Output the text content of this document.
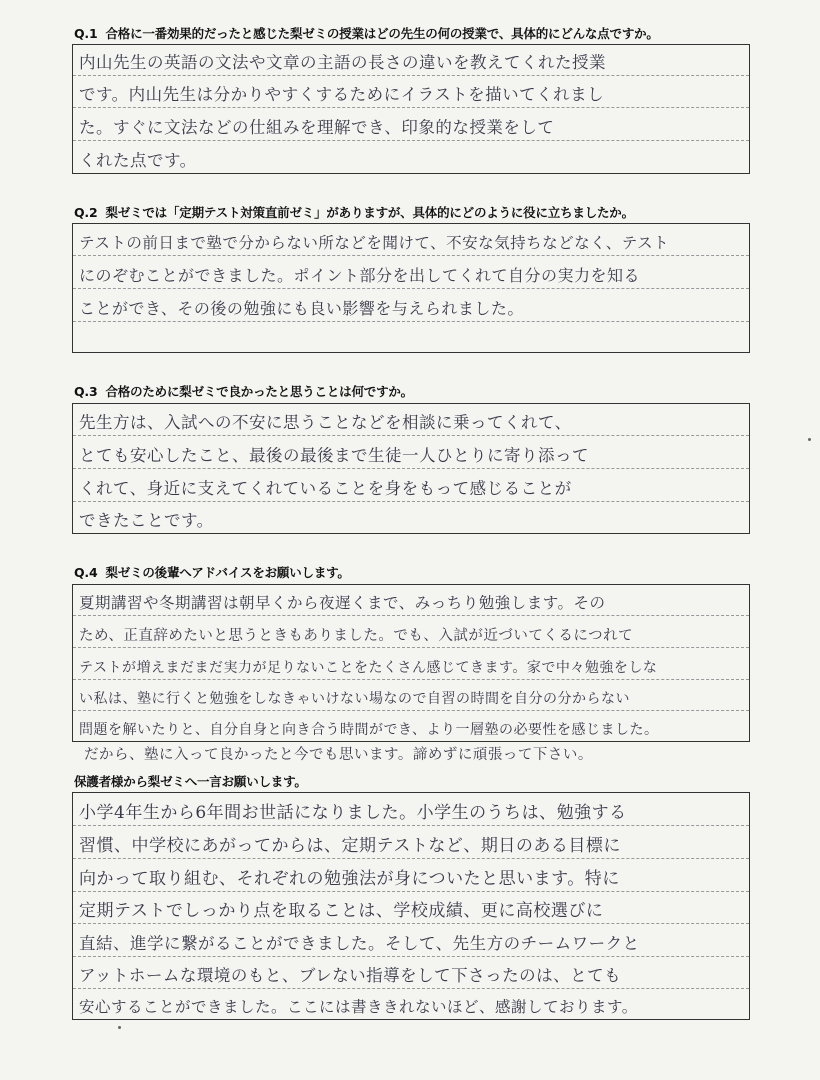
Q.1 合格に一番効果的だったと感じた梨ゼミの授業はどの先生の何の授業で、具体的にどんな点ですか。
内山先生の英語の文法や文章の主語の長さの違いを教えてくれた授業
です。内山先生は分かりやすくするためにイラストを描いてくれまし
た。すぐに文法などの仕組みを理解でき、印象的な授業をして
くれた点です。
Q.2 梨ゼミでは「定期テスト対策直前ゼミ」がありますが、具体的にどのように役に立ちましたか。
テストの前日まで塾で分からない所などを聞けて、不安な気持ちなどなく、テスト
にのぞむことができました。ポイント部分を出してくれて自分の実力を知る
ことができ、その後の勉強にも良い影響を与えられました。
Q.3 合格のために梨ゼミで良かったと思うことは何ですか。
先生方は、入試への不安に思うことなどを相談に乗ってくれて、
とても安心したこと、最後の最後まで生徒一人ひとりに寄り添って
くれて、身近に支えてくれていることを身をもって感じることが
できたことです。
Q.4 梨ゼミの後輩へアドバイスをお願いします。
夏期講習や冬期講習は朝早くから夜遅くまで、みっちり勉強します。その
ため、正直辞めたいと思うときもありました。でも、入試が近づいてくるにつれて
テストが増えまだまだ実力が足りないことをたくさん感じてきます。家で中々勉強をしな
い私は、塾に行くと勉強をしなきゃいけない場なので自習の時間を自分の分からない
問題を解いたりと、自分自身と向き合う時間ができ、より一層塾の必要性を感じました。
だから、塾に入って良かったと今でも思います。諦めずに頑張って下さい。
保護者様から梨ゼミへ一言お願いします。
小学4年生から6年間お世話になりました。小学生のうちは、勉強する
習慣、中学校にあがってからは、定期テストなど、期日のある目標に
向かって取り組む、それぞれの勉強法が身についたと思います。特に
定期テストでしっかり点を取ることは、学校成績、更に高校選びに
直結、進学に繋がることができました。そして、先生方のチームワークと
アットホームな環境のもと、ブレない指導をして下さったのは、とても
安心することができました。ここには書ききれないほど、感謝しております。
